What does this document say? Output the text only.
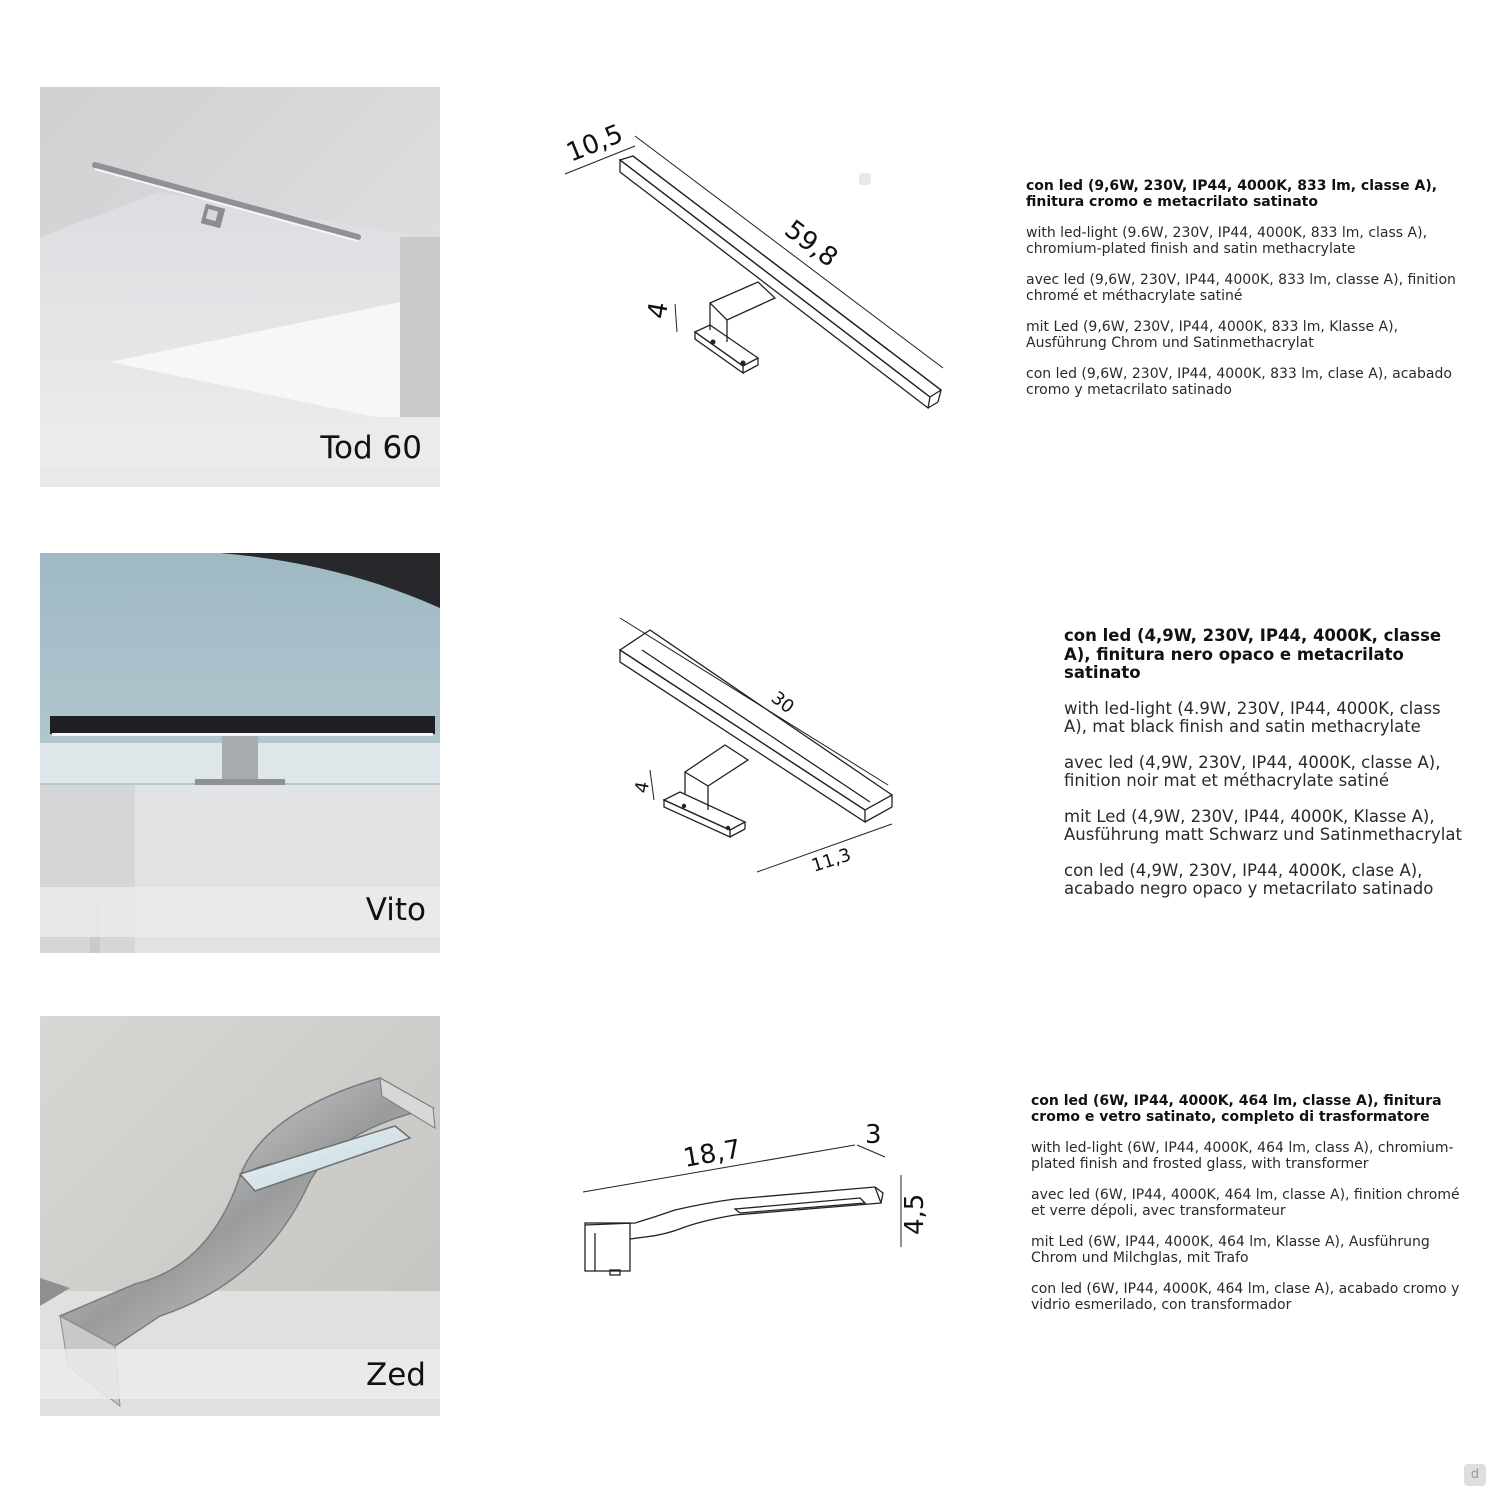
Tod 60
10,5
59,8
4

con led (9,6W, 230V, IP44, 4000K, 833 lm, classe A), finitura cromo e metacrilato satinato

with led-light (9.6W, 230V, IP44, 4000K, 833 lm, class A), chromium-plated finish and satin methacrylate

avec led (9,6W, 230V, IP44, 4000K, 833 lm, classe A), finition chromé et méthacrylate satiné

mit Led (9,6W, 230V, IP44, 4000K, 833 lm, Klasse A), Ausführung Chrom und Satinmethacrylat

con led (9,6W, 230V, IP44, 4000K, 833 lm, clase A), acabado cromo y metacrilato satinado

Vito
30
4
11,3

con led (4,9W, 230V, IP44, 4000K, classe A), finitura nero opaco e metacrilato satinato

with led-light (4.9W, 230V, IP44, 4000K, class A), mat black finish and satin methacrylate

avec led (4,9W, 230V, IP44, 4000K, classe A), finition noir mat et méthacrylate satiné

mit Led (4,9W, 230V, IP44, 4000K, Klasse A), Ausführung matt Schwarz und Satinmethacrylat

con led (4,9W, 230V, IP44, 4000K, clase A), acabado negro opaco y metacrilato satinado

Zed
18,7	3
4,5

con led (6W, IP44, 4000K, 464 lm, classe A), finitura cromo e vetro satinato, completo di trasformatore

with led-light (6W, IP44, 4000K, 464 lm, class A), chromium-plated finish and frosted glass, with transformer

avec led (6W, IP44, 4000K, 464 lm, classe A), finition chromé et verre dépoli, avec transformateur

mit Led (6W, IP44, 4000K, 464 lm, Klasse A), Ausführung Chrom und Milchglas, mit Trafo

con led (6W, IP44, 4000K, 464 lm, clase A), acabado cromo y vidrio esmerilado, con transformador

d
